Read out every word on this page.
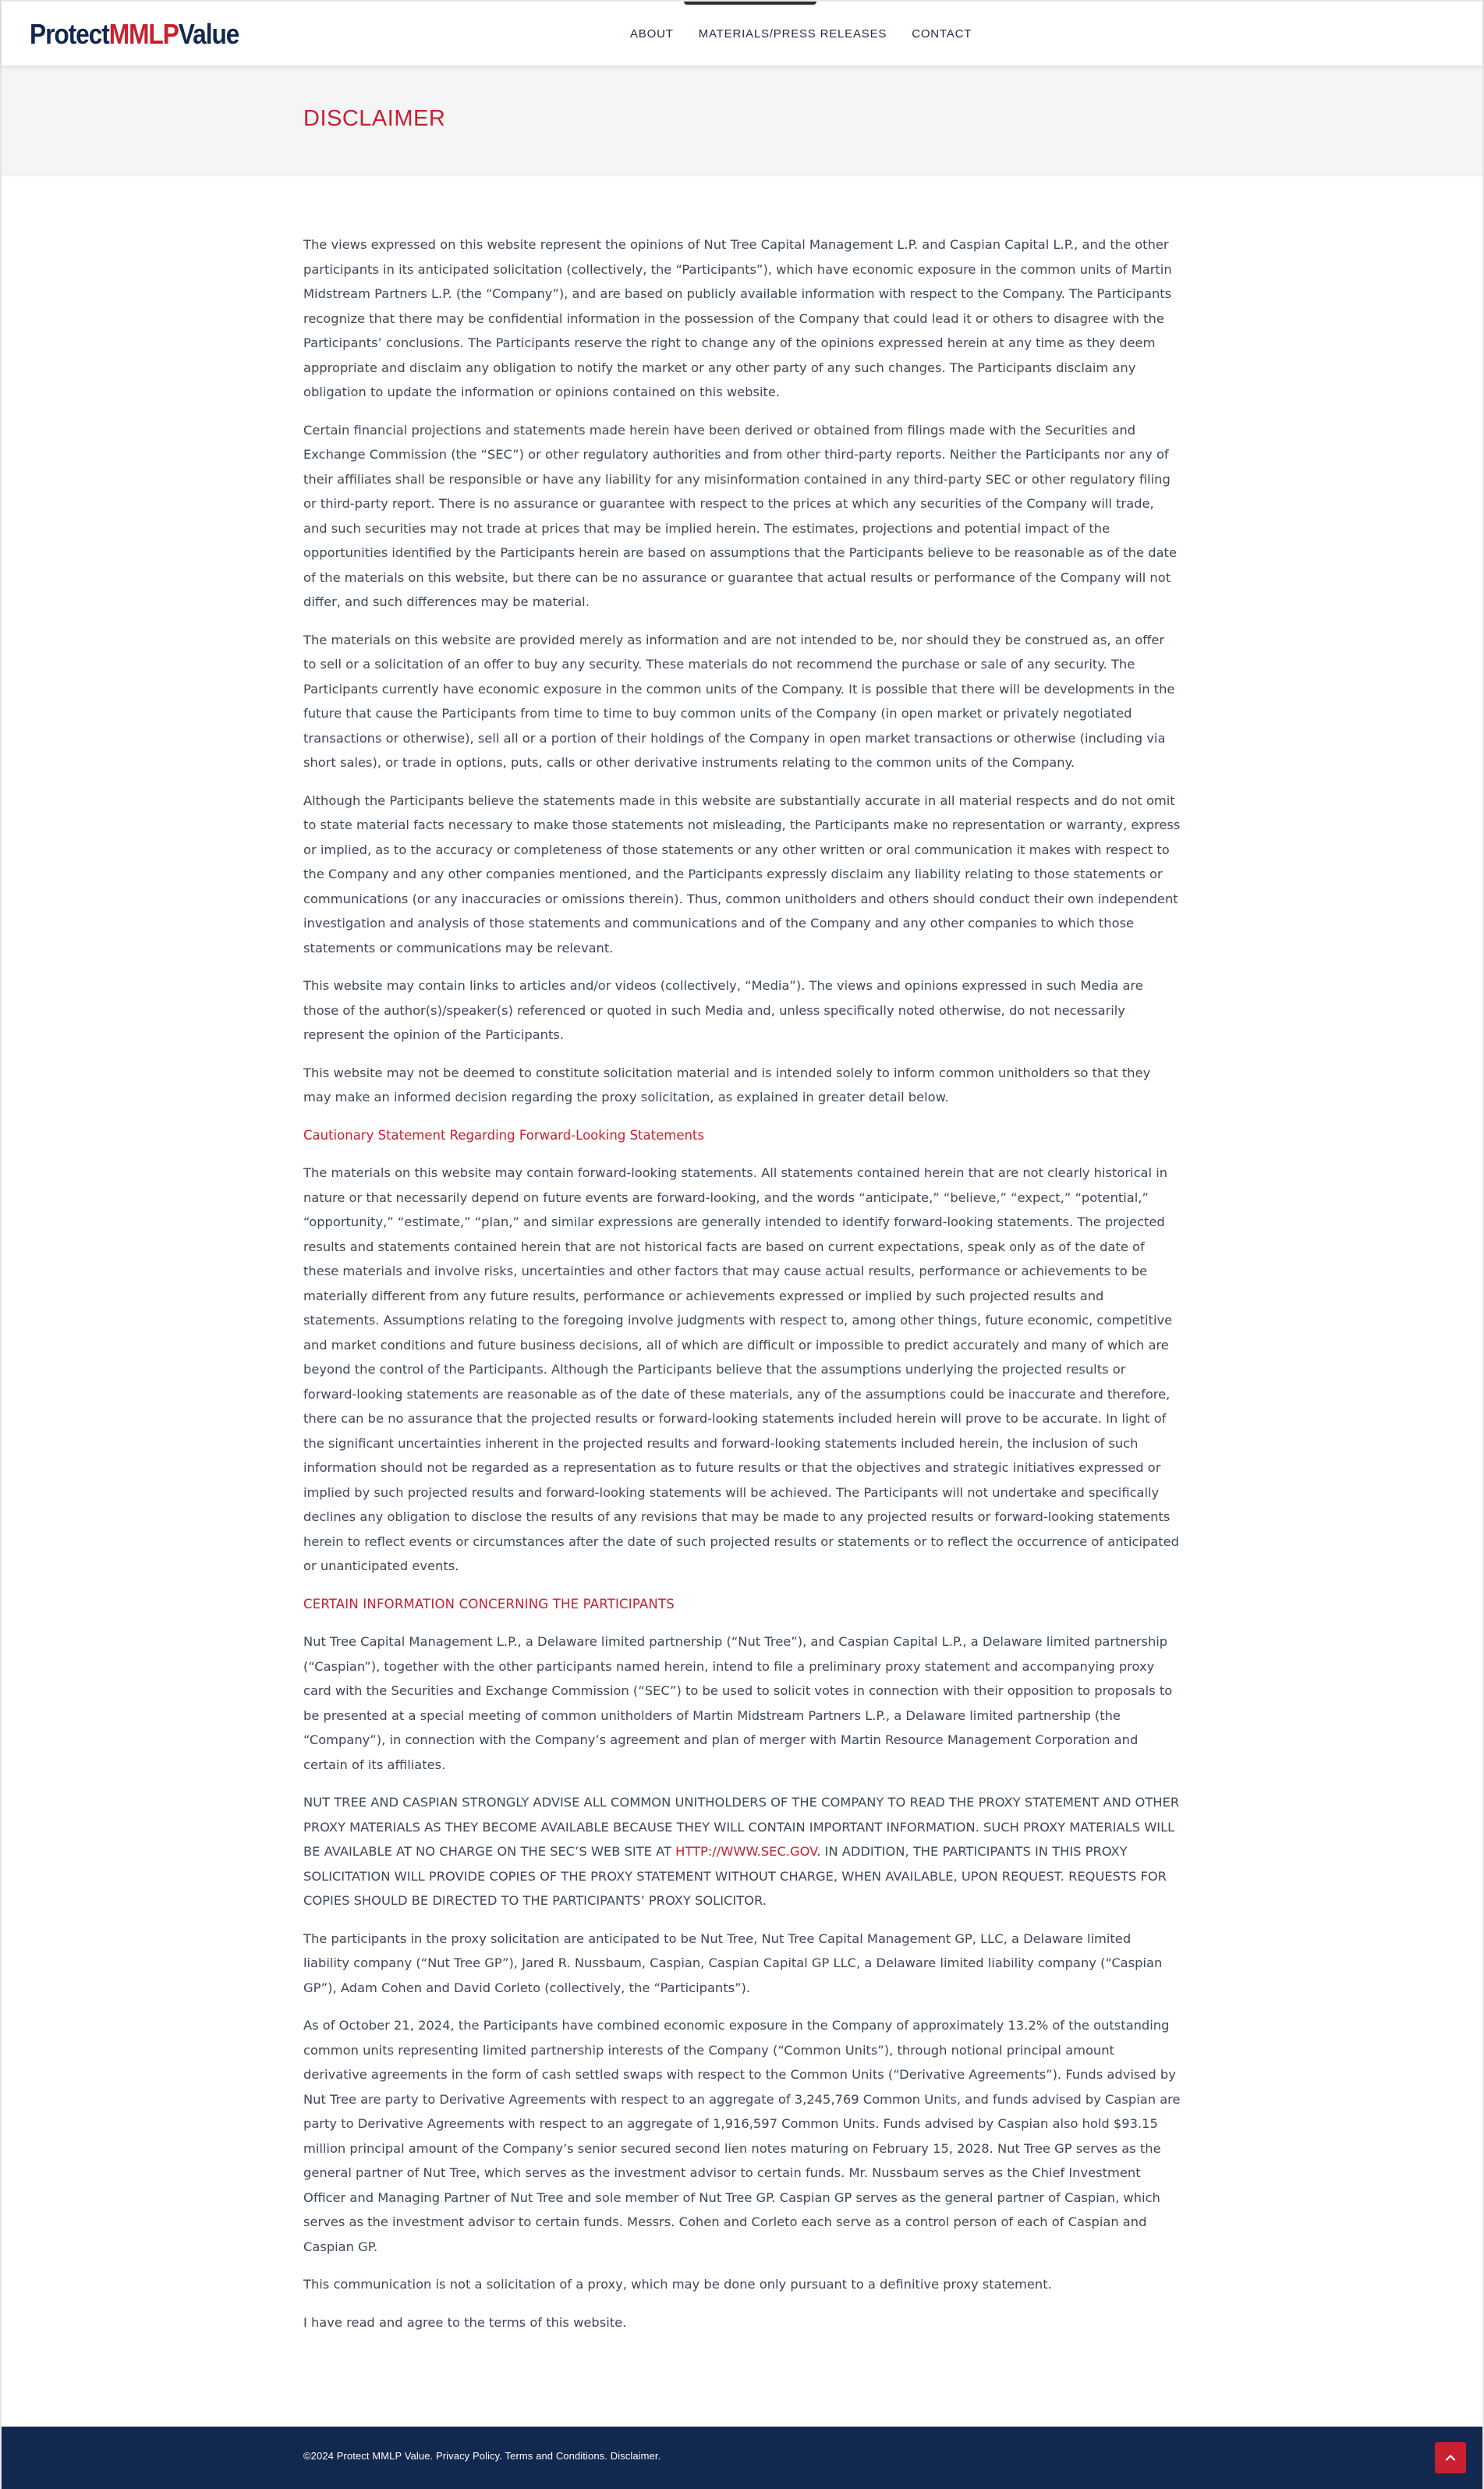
ProtectMMLPValue	ABOUT	MATERIALS/PRESS RELEASES	CONTACT
DISCLAIMER

The views expressed on this website represent the opinions of Nut Tree Capital Management L.P. and Caspian Capital L.P., and the other participants in its anticipated solicitation (collectively, the “Participants”), which have economic exposure in the common units of Martin Midstream Partners L.P. (the “Company”), and are based on publicly available information with respect to the Company. The Participants recognize that there may be confidential information in the possession of the Company that could lead it or others to disagree with the Participants’ conclusions. The Participants reserve the right to change any of the opinions expressed herein at any time as they deem appropriate and disclaim any obligation to notify the market or any other party of any such changes. The Participants disclaim any obligation to update the information or opinions contained on this website.

Certain financial projections and statements made herein have been derived or obtained from filings made with the Securities and Exchange Commission (the “SEC”) or other regulatory authorities and from other third-party reports. Neither the Participants nor any of their affiliates shall be responsible or have any liability for any misinformation contained in any third-party SEC or other regulatory filing or third-party report. There is no assurance or guarantee with respect to the prices at which any securities of the Company will trade, and such securities may not trade at prices that may be implied herein. The estimates, projections and potential impact of the opportunities identified by the Participants herein are based on assumptions that the Participants believe to be reasonable as of the date of the materials on this website, but there can be no assurance or guarantee that actual results or performance of the Company will not differ, and such differences may be material.

The materials on this website are provided merely as information and are not intended to be, nor should they be construed as, an offer to sell or a solicitation of an offer to buy any security. These materials do not recommend the purchase or sale of any security. The Participants currently have economic exposure in the common units of the Company. It is possible that there will be developments in the future that cause the Participants from time to time to buy common units of the Company (in open market or privately negotiated transactions or otherwise), sell all or a portion of their holdings of the Company in open market transactions or otherwise (including via short sales), or trade in options, puts, calls or other derivative instruments relating to the common units of the Company.

Although the Participants believe the statements made in this website are substantially accurate in all material respects and do not omit to state material facts necessary to make those statements not misleading, the Participants make no representation or warranty, express or implied, as to the accuracy or completeness of those statements or any other written or oral communication it makes with respect to the Company and any other companies mentioned, and the Participants expressly disclaim any liability relating to those statements or communications (or any inaccuracies or omissions therein). Thus, common unitholders and others should conduct their own independent investigation and analysis of those statements and communications and of the Company and any other companies to which those statements or communications may be relevant.

This website may contain links to articles and/or videos (collectively, “Media”). The views and opinions expressed in such Media are those of the author(s)/speaker(s) referenced or quoted in such Media and, unless specifically noted otherwise, do not necessarily represent the opinion of the Participants.

This website may not be deemed to constitute solicitation material and is intended solely to inform common unitholders so that they may make an informed decision regarding the proxy solicitation, as explained in greater detail below.

Cautionary Statement Regarding Forward-Looking Statements

The materials on this website may contain forward-looking statements. All statements contained herein that are not clearly historical in nature or that necessarily depend on future events are forward-looking, and the words “anticipate,” “believe,” “expect,” “potential,” “opportunity,” “estimate,” “plan,” and similar expressions are generally intended to identify forward-looking statements. The projected results and statements contained herein that are not historical facts are based on current expectations, speak only as of the date of these materials and involve risks, uncertainties and other factors that may cause actual results, performance or achievements to be materially different from any future results, performance or achievements expressed or implied by such projected results and statements. Assumptions relating to the foregoing involve judgments with respect to, among other things, future economic, competitive and market conditions and future business decisions, all of which are difficult or impossible to predict accurately and many of which are beyond the control of the Participants. Although the Participants believe that the assumptions underlying the projected results or forward-looking statements are reasonable as of the date of these materials, any of the assumptions could be inaccurate and therefore, there can be no assurance that the projected results or forward-looking statements included herein will prove to be accurate. In light of the significant uncertainties inherent in the projected results and forward-looking statements included herein, the inclusion of such information should not be regarded as a representation as to future results or that the objectives and strategic initiatives expressed or implied by such projected results and forward-looking statements will be achieved. The Participants will not undertake and specifically declines any obligation to disclose the results of any revisions that may be made to any projected results or forward-looking statements herein to reflect events or circumstances after the date of such projected results or statements or to reflect the occurrence of anticipated or unanticipated events.

CERTAIN INFORMATION CONCERNING THE PARTICIPANTS

Nut Tree Capital Management L.P., a Delaware limited partnership (“Nut Tree”), and Caspian Capital L.P., a Delaware limited partnership (“Caspian”), together with the other participants named herein, intend to file a preliminary proxy statement and accompanying proxy card with the Securities and Exchange Commission (“SEC”) to be used to solicit votes in connection with their opposition to proposals to be presented at a special meeting of common unitholders of Martin Midstream Partners L.P., a Delaware limited partnership (the “Company”), in connection with the Company’s agreement and plan of merger with Martin Resource Management Corporation and certain of its affiliates.

NUT TREE AND CASPIAN STRONGLY ADVISE ALL COMMON UNITHOLDERS OF THE COMPANY TO READ THE PROXY STATEMENT AND OTHER PROXY MATERIALS AS THEY BECOME AVAILABLE BECAUSE THEY WILL CONTAIN IMPORTANT INFORMATION. SUCH PROXY MATERIALS WILL BE AVAILABLE AT NO CHARGE ON THE SEC’S WEB SITE AT HTTP://WWW.SEC.GOV. IN ADDITION, THE PARTICIPANTS IN THIS PROXY SOLICITATION WILL PROVIDE COPIES OF THE PROXY STATEMENT WITHOUT CHARGE, WHEN AVAILABLE, UPON REQUEST. REQUESTS FOR COPIES SHOULD BE DIRECTED TO THE PARTICIPANTS’ PROXY SOLICITOR.

The participants in the proxy solicitation are anticipated to be Nut Tree, Nut Tree Capital Management GP, LLC, a Delaware limited liability company (“Nut Tree GP”), Jared R. Nussbaum, Caspian, Caspian Capital GP LLC, a Delaware limited liability company (“Caspian GP”), Adam Cohen and David Corleto (collectively, the “Participants”).

As of October 21, 2024, the Participants have combined economic exposure in the Company of approximately 13.2% of the outstanding common units representing limited partnership interests of the Company (“Common Units”), through notional principal amount derivative agreements in the form of cash settled swaps with respect to the Common Units (“Derivative Agreements”). Funds advised by Nut Tree are party to Derivative Agreements with respect to an aggregate of 3,245,769 Common Units, and funds advised by Caspian are party to Derivative Agreements with respect to an aggregate of 1,916,597 Common Units. Funds advised by Caspian also hold $93.15 million principal amount of the Company’s senior secured second lien notes maturing on February 15, 2028. Nut Tree GP serves as the general partner of Nut Tree, which serves as the investment advisor to certain funds. Mr. Nussbaum serves as the Chief Investment Officer and Managing Partner of Nut Tree and sole member of Nut Tree GP. Caspian GP serves as the general partner of Caspian, which serves as the investment advisor to certain funds. Messrs. Cohen and Corleto each serve as a control person of each of Caspian and Caspian GP.

This communication is not a solicitation of a proxy, which may be done only pursuant to a definitive proxy statement.

I have read and agree to the terms of this website.

©2024 Protect MMLP Value. Privacy Policy. Terms and Conditions. Disclaimer.
